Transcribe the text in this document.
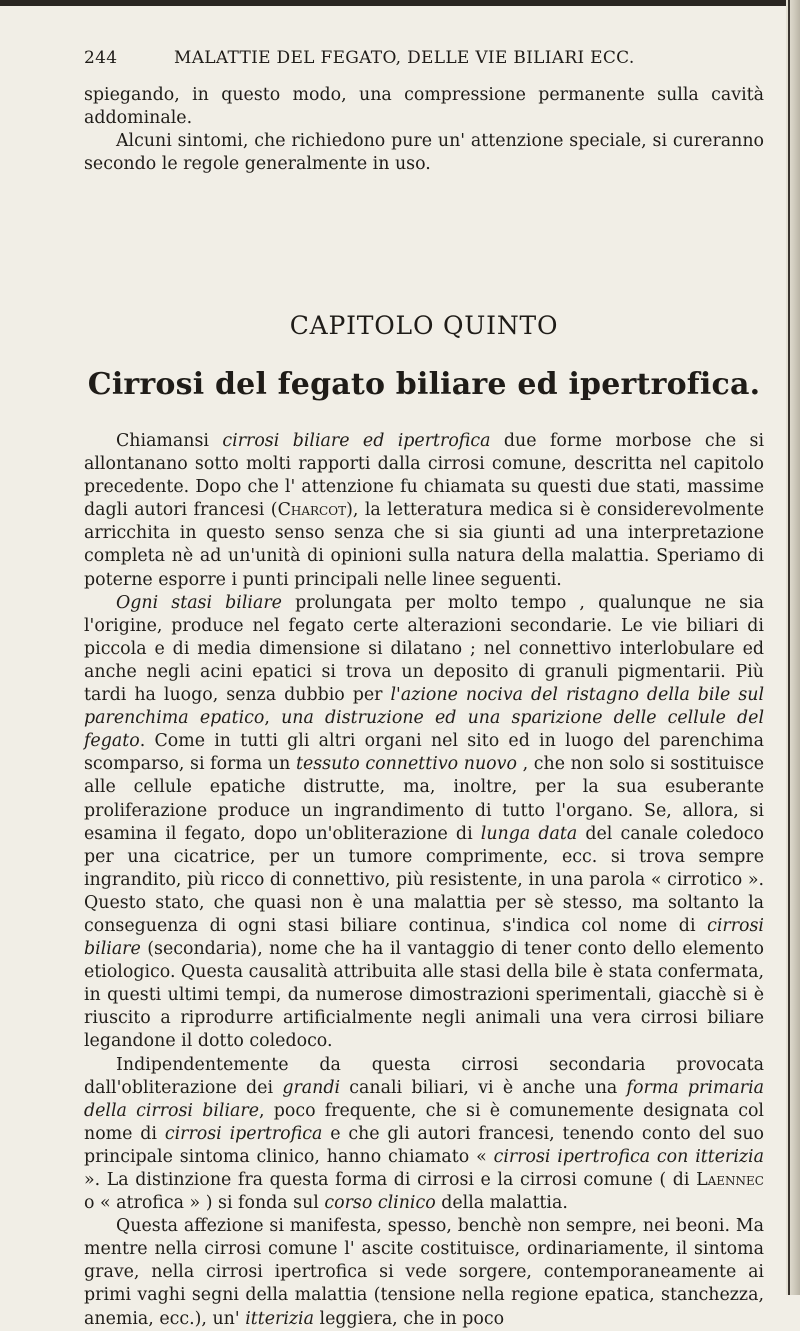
244	MALATTIE DEL FEGATO, DELLE VIE BILIARI ECC.

spiegando, in questo modo, una compressione permanente sulla cavità addominale.

Alcuni sintomi, che richiedono pure un' attenzione speciale, si cureranno secondo le regole generalmente in uso.

CAPITOLO QUINTO
Cirrosi del fegato biliare ed ipertrofica.

Chiamansi cirrosi biliare ed ipertrofica due forme morbose che si allontanano sotto molti rapporti dalla cirrosi comune, descritta nel capitolo precedente. Dopo che l' attenzione fu chiamata su questi due stati, massime dagli autori francesi (Charcot), la letteratura medica si è considerevolmente arricchita in questo senso senza che si sia giunti ad una interpretazione completa nè ad un'unità di opinioni sulla natura della malattia. Speriamo di poterne esporre i punti principali nelle linee seguenti.

Ogni stasi biliare prolungata per molto tempo , qualunque ne sia l'origine, produce nel fegato certe alterazioni secondarie. Le vie biliari di piccola e di media dimensione si dilatano ; nel connettivo interlobulare ed anche negli acini epatici si trova un deposito di granuli pigmentarii. Più tardi ha luogo, senza dubbio per l'azione nociva del ristagno della bile sul parenchima epatico, una distruzione ed una sparizione delle cellule del fegato. Come in tutti gli altri organi nel sito ed in luogo del parenchima scomparso, si forma un tessuto connettivo nuovo , che non solo si sostituisce alle cellule epatiche distrutte, ma, inoltre, per la sua esuberante proliferazione produce un ingrandimento di tutto l'organo. Se, allora, si esamina il fegato, dopo un'obliterazione di lunga data del canale coledoco per una cicatrice, per un tumore comprimente, ecc. si trova sempre ingrandito, più ricco di connettivo, più resistente, in una parola « cirrotico ». Questo stato, che quasi non è una malattia per sè stesso, ma soltanto la conseguenza di ogni stasi biliare continua, s'indica col nome di cirrosi biliare (secondaria), nome che ha il vantaggio di tener conto dello elemento etiologico. Questa causalità attribuita alle stasi della bile è stata confermata, in questi ultimi tempi, da numerose dimostrazioni sperimentali, giacchè si è riuscito a riprodurre artificialmente negli animali una vera cirrosi biliare legandone il dotto coledoco.

Indipendentemente da questa cirrosi secondaria provocata dall'obliterazione dei grandi canali biliari, vi è anche una forma primaria della cirrosi biliare, poco frequente, che si è comunemente designata col nome di cirrosi ipertrofica e che gli autori francesi, tenendo conto del suo principale sintoma clinico, hanno chiamato « cirrosi ipertrofica con itterizia ». La distinzione fra questa forma di cirrosi e la cirrosi comune ( di Laennec o « atrofica » ) si fonda sul corso clinico della malattia.

Questa affezione si manifesta, spesso, benchè non sempre, nei beoni. Ma mentre nella cirrosi comune l' ascite costituisce, ordinariamente, il sintoma grave, nella cirrosi ipertrofica si vede sorgere, contemporaneamente ai primi vaghi segni della malattia (tensione nella regione epatica, stanchezza, anemia, ecc.), un' itterizia leggiera, che in poco
